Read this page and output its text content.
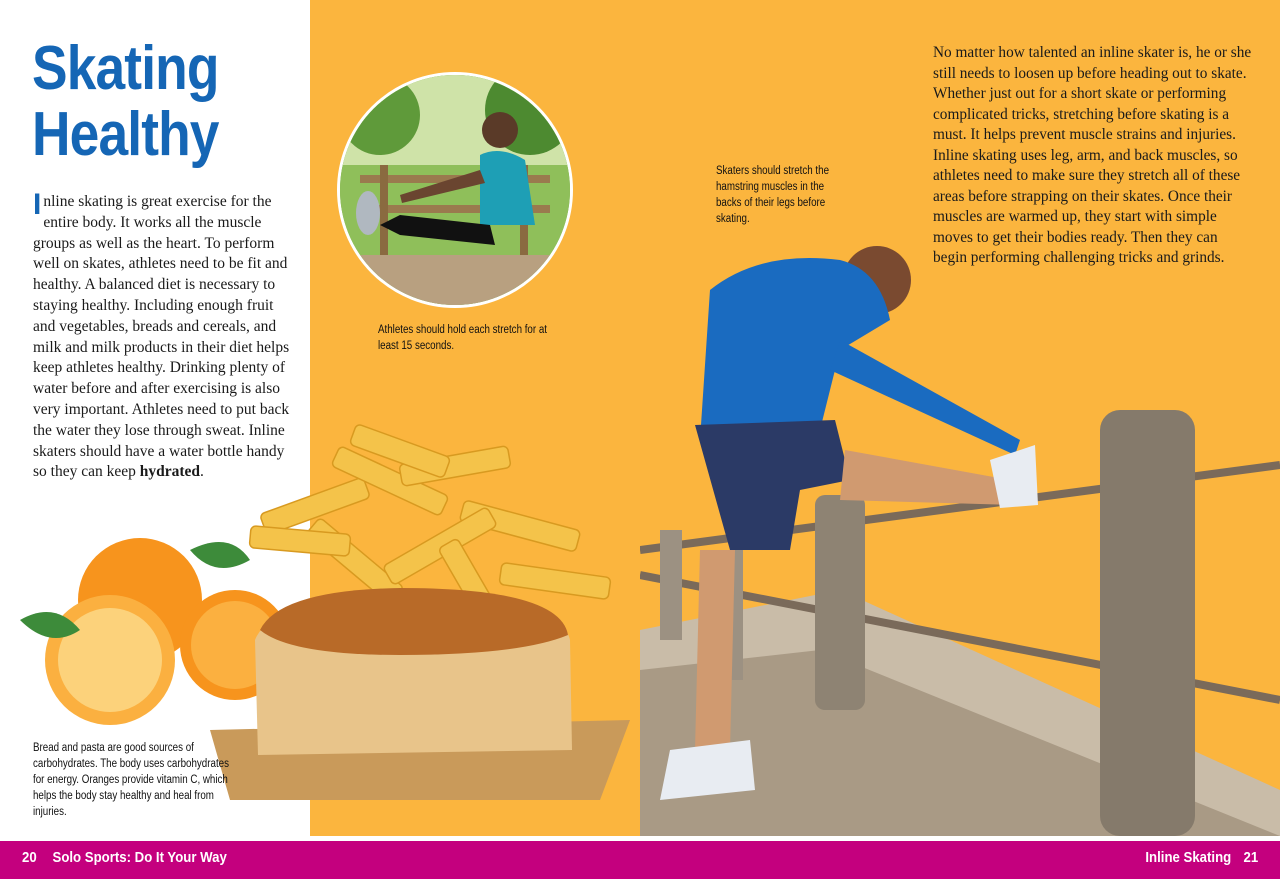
Skating
Healthy

Inline skating is great exercise for the entire body. It works all the muscle groups as well as the heart. To perform well on skates, athletes need to be fit and healthy. A balanced diet is necessary to staying healthy. Including enough fruit and vegetables, breads and cereals, and milk and milk products in their diet helps keep athletes healthy. Drinking plenty of water before and after exercising is also very important. Athletes need to put back the water they lose through sweat. Inline skaters should have a water bottle handy so they can keep hydrated.

No matter how talented an inline skater is, he or she still needs to loosen up before heading out to skate. Whether just out for a short skate or performing complicated tricks, stretching before skating is a must. It helps prevent muscle strains and injuries. Inline skating uses leg, arm, and back muscles, so athletes need to make sure they stretch all of these areas before strapping on their skates. Once their muscles are warmed up, they start with simple moves to get their bodies ready. Then they can begin performing challenging tricks and grinds.

Athletes should hold each stretch for at least 15 seconds.
Skaters should stretch the hamstring muscles in the backs of their legs before skating.
Bread and pasta are good sources of carbohydrates. The body uses carbohydrates for energy. Oranges provide vitamin C, which helps the body stay healthy and heal from injuries.
20 Solo Sports: Do It Your Way	Inline Skating 21
